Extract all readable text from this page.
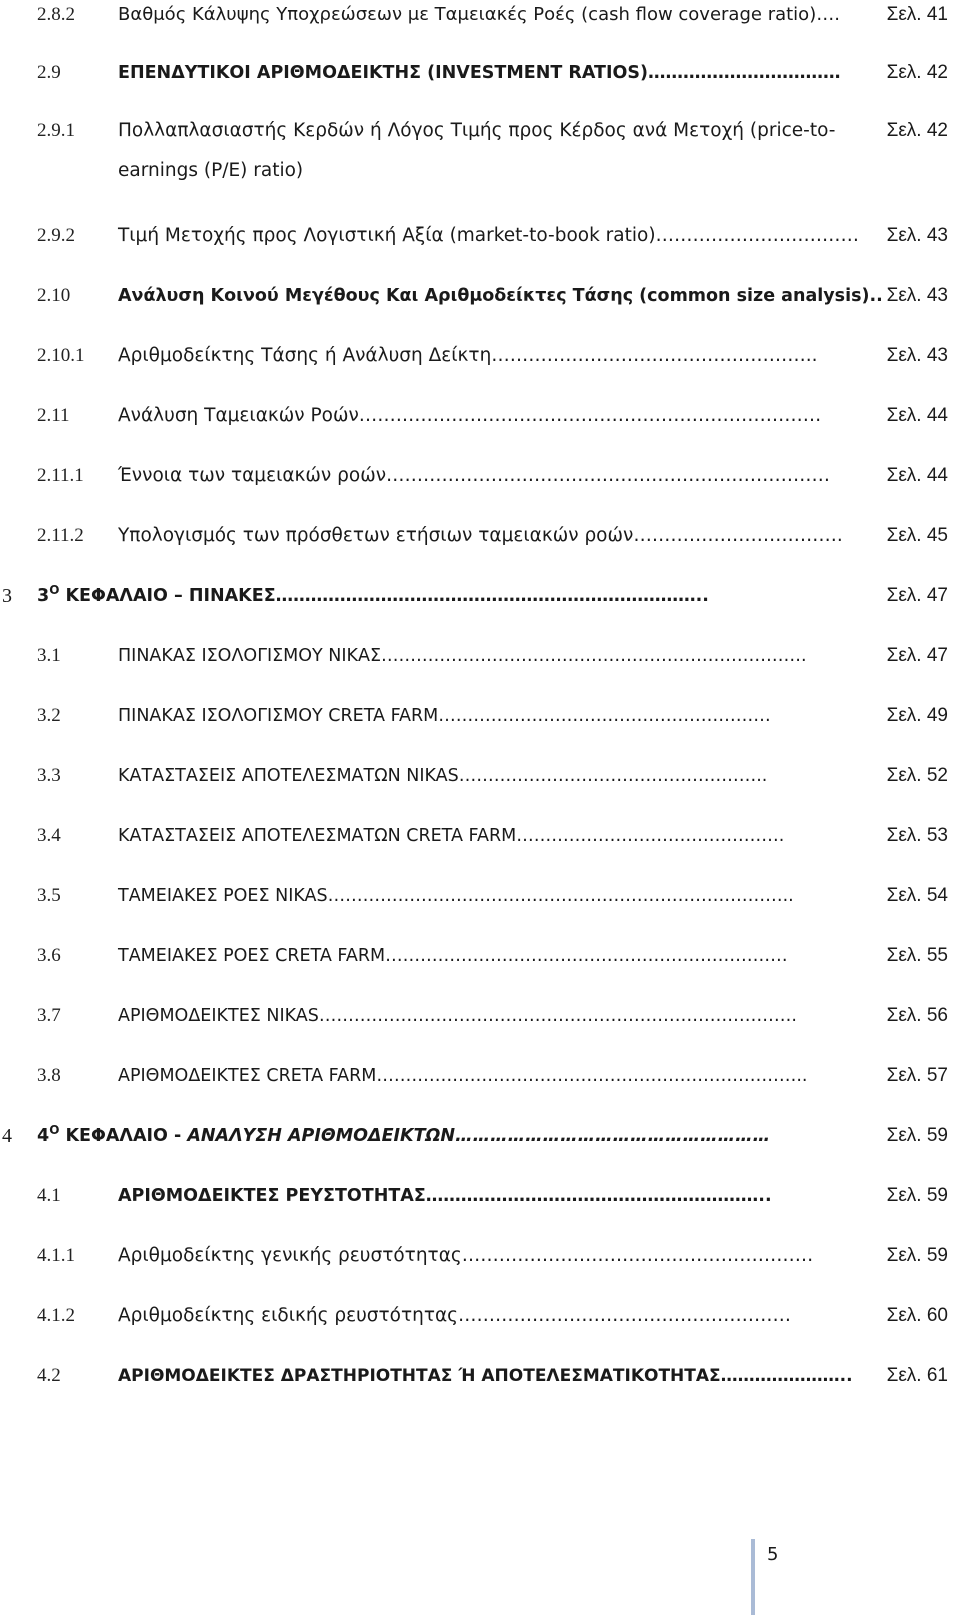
2.8.2 Βαθμός Κάλυψης Υποχρεώσεων με Ταμειακές Ροές (cash flow coverage ratio)….	Σελ. 41
2.9	ΕΠΕΝΔΥΤΙΚΟΙ ΑΡΙΘΜΟΔΕΙΚΤΗΣ (INVESTMENT RATIOS)……………………………	Σελ. 42
2.9.1 Πολλαπλασιαστής Κερδών ή Λόγος Τιμής προς Κέρδος ανά Μετοχή (price-to-earnings (P/E) ratio)
Σελ. 42
2.9.2 Τιμή Μετοχής προς Λογιστική Αξία (market-to-book ratio)……………………………	Σελ. 43
2.10	Ανάλυση Κοινού Μεγέθους Και Αριθμοδείκτες Τάσης (common size analysis).. Σελ. 43
2.10.1 Αριθμοδείκτης Τάσης ή Ανάλυση Δείκτη……………………………………………..	Σελ. 43
2.11	Ανάλυση Ταμειακών Ροών…………………………………………………………………	Σελ. 44
2.11.1 Έννοια των ταμειακών ροών………………………………………………………………	Σελ. 44
2.11.2 Υπολογισμός των πρόσθετων ετήσιων ταμειακών ροών…………………………….	Σελ. 45
3 $3^O$ ΚΕΦΑΛΑΙΟ – ΠΙΝΑΚΕΣ………………………………………………………………..	Σελ. 47
3.1	ΠΙΝΑΚΑΣ ΙΣΟΛΟΓΙΣΜΟΥ ΝΙΚΑΣ……………………………………………………………….	Σελ. 47
3.2	ΠΙΝΑΚΑΣ ΙΣΟΛΟΓΙΣΜΟΥ CRETA FARM…………………………………………………	Σελ. 49
3.3	ΚΑΤΑΣΤΑΣΕΙΣ ΑΠΟΤΕΛΕΣΜΑΤΩΝ NIKAS……………………………………………..	Σελ. 52
3.4	ΚΑΤΑΣΤΑΣΕΙΣ ΑΠΟΤΕΛΕΣΜΑΤΩΝ CRETA FARM……………………………………….	Σελ. 53
3.5	ΤΑΜΕΙΑΚΕΣ ΡΟΕΣ NIKAS……………………………………………………………………..	Σελ. 54
3.6	ΤΑΜΕΙΑΚΕΣ ΡΟΕΣ CRETA FARM……………………………………………………………	Σελ. 55
3.7	ΑΡΙΘΜΟΔΕΙΚΤΕΣ NIKAS……………………………………………………………………….	Σελ. 56
3.8	ΑΡΙΘΜΟΔΕΙΚΤΕΣ CRETA FARM………………………………………………………………..	Σελ. 57
4 $4^O$ ΚΕΦΑΛΑΙΟ - ΑΝΑΛΥΣΗ ΑΡΙΘΜΟΔΕΙΚΤΩΝ………………………………………………	Σελ. 59
4.1	ΑΡΙΘΜΟΔΕΙΚΤΕΣ ΡΕΥΣΤΟΤΗΤΑΣ…………………………………………………..	Σελ. 59
4.1.1 Αριθμοδείκτης γενικής ρευστότητας…………………………………………………	Σελ. 59
4.1.2 Αριθμοδείκτης ειδικής ρευστότητας………………………………………………	Σελ. 60
4.2	ΑΡΙΘΜΟΔΕΙΚΤΕΣ ΔΡΑΣΤΗΡΙΟΤΗΤΑΣ Ή ΑΠΟΤΕΛΕΣΜΑΤΙΚΟΤΗΤΑΣ…………………..	Σελ. 61
5
